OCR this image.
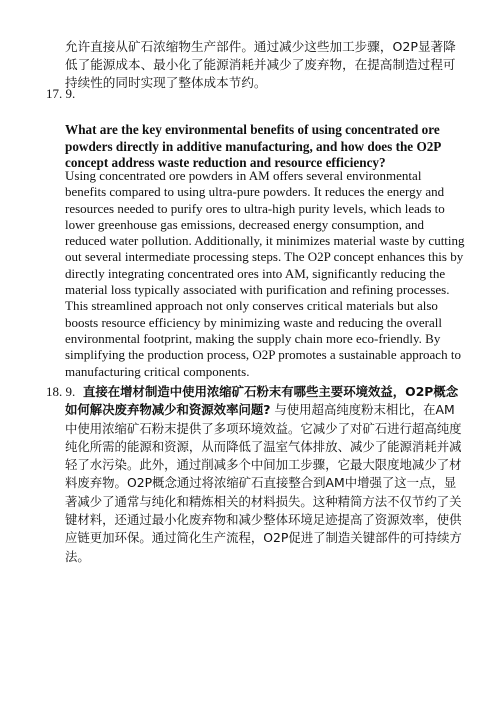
允许直接从矿石浓缩物生产部件。通过减少这些加工步骤，O2P显著降

低了能源成本、最小化了能源消耗并减少了废弃物，在提高制造过程可

持续性的同时实现了整体成本节约。

17. 9.

What are the key environmental benefits of using concentrated ore powders directly in additive manufacturing, and how does the O2P concept address waste reduction and resource efficiency?

Using concentrated ore powders in AM offers several environmental benefits compared to using ultra-pure powders. It reduces the energy and resources needed to purify ores to ultra-high purity levels, which leads to lower greenhouse gas emissions, decreased energy consumption, and reduced water pollution. Additionally, it minimizes material waste by cutting out several intermediate processing steps. The O2P concept enhances this by directly integrating concentrated ores into AM, significantly reducing the material loss typically associated with purification and refining processes. This streamlined approach not only conserves critical materials but also boosts resource efficiency by minimizing waste and reducing the overall environmental footprint, making the supply chain more eco-friendly. By simplifying the production process, O2P promotes a sustainable approach to manufacturing critical components.

18. 9. 直接在增材制造中使用浓缩矿石粉末有哪些主要环境效益，O2P概念如何解决废弃物减少和资源效率问题? 与使用超高纯度粉末相比，在AM中使用浓缩矿石粉末提供了多项环境效益。它减少了对矿石进行超高纯度纯化所需的能源和资源，从而降低了温室气体排放、减少了能源消耗并减轻了水污染。此外，通过削减多个中间加工步骤，它最大限度地减少了材料废弃物。O2P概念通过将浓缩矿石直接整合到AM中增强了这一点，显著减少了通常与纯化和精炼相关的材料损失。这种精简方法不仅节约了关键材料，还通过最小化废弃物和减少整体环境足迹提高了资源效率，使供应链更加环保。通过简化生产流程，O2P促进了制造关键部件的可持续方法。
